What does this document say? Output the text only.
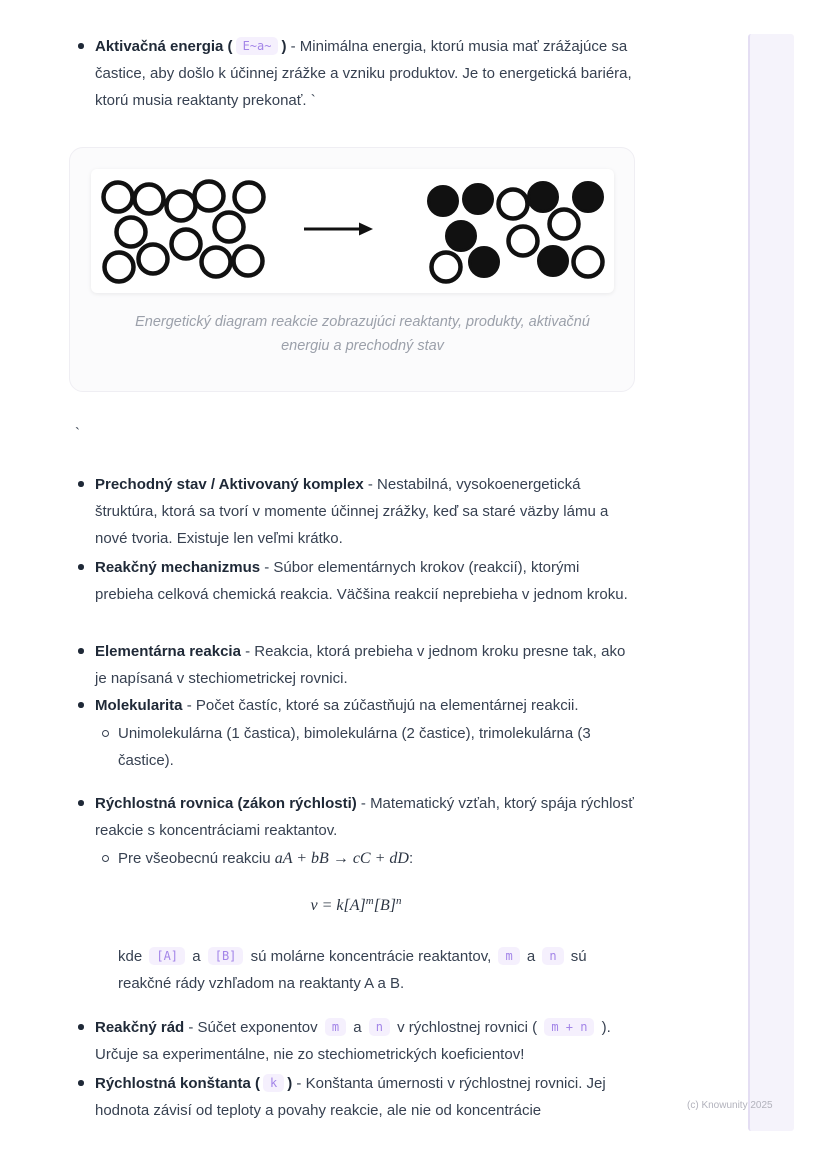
Aktivačná energia ( E~a~ ) - Minimálna energia, ktorú musia mať zrážajúce sa častice, aby došlo k účinnej zrážke a vzniku produktov. Je to energetická bariéra, ktorú musia reaktanty prekonať. `
Energetický diagram reakcie zobrazujúci reaktanty, produkty, aktivačnú energiu a prechodný stav
`
Prechodný stav / Aktivovaný komplex - Nestabilná, vysokoenergetická štruktúra, ktorá sa tvorí v momente účinnej zrážky, keď sa staré väzby lámu a nové tvoria. Existuje len veľmi krátko.
Reakčný mechanizmus - Súbor elementárnych krokov (reakcií), ktorými prebieha celková chemická reakcia. Väčšina reakcií neprebieha v jednom kroku.
Elementárna reakcia - Reakcia, ktorá prebieha v jednom kroku presne tak, ako je napísaná v stechiometrickej rovnici.
Molekularita - Počet častíc, ktoré sa zúčastňujú na elementárnej reakcii.
Unimolekulárna (1 častica), bimolekulárna (2 častice), trimolekulárna (3 častice).
Rýchlostná rovnica (zákon rýchlosti) - Matematický vzťah, ktorý spája rýchlosť reakcie s koncentráciami reaktantov.
Pre všeobecnú reakciu aA + bB → cC + dD:
$v = k[A]^m[B]^n$
kde [A] a [B] sú molárne koncentrácie reaktantov, m a n sú reakčné rády vzhľadom na reaktanty A a B.
Reakčný rád - Súčet exponentov m a n v rýchlostnej rovnici ( m + n ). Určuje sa experimentálne, nie zo stechiometrických koeficientov!
Rýchlostná konštanta ( k ) - Konštanta úmernosti v rýchlostnej rovnici. Jej hodnota závisí od teploty a povahy reakcie, ale nie od koncentrácie	(c) Knowunity 2025
